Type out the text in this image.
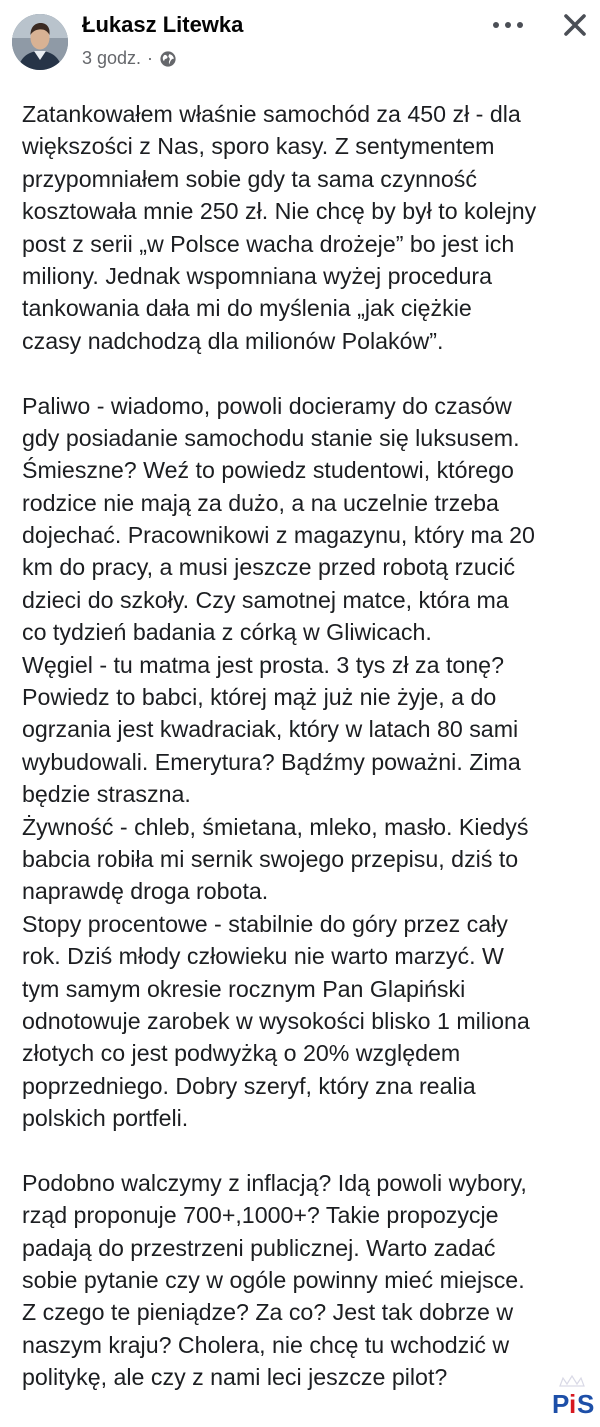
Łukasz Litewka
3 godz. ·
Zatankowałem właśnie samochód za 450 zł - dla
większości z Nas, sporo kasy. Z sentymentem
przypomniałem sobie gdy ta sama czynność
kosztowała mnie 250 zł. Nie chcę by był to kolejny
post z serii „w Polsce wacha drożeje” bo jest ich
miliony. Jednak wspomniana wyżej procedura
tankowania dała mi do myślenia „jak ciężkie
czasy nadchodzą dla milionów Polaków”.
Paliwo - wiadomo, powoli docieramy do czasów
gdy posiadanie samochodu stanie się luksusem.
Śmieszne? Weź to powiedz studentowi, którego
rodzice nie mają za dużo, a na uczelnie trzeba
dojechać. Pracownikowi z magazynu, który ma 20
km do pracy, a musi jeszcze przed robotą rzucić
dzieci do szkoły. Czy samotnej matce, która ma
co tydzień badania z córką w Gliwicach.
Węgiel - tu matma jest prosta. 3 tys zł za tonę?
Powiedz to babci, której mąż już nie żyje, a do
ogrzania jest kwadraciak, który w latach 80 sami
wybudowali. Emerytura? Bądźmy poważni. Zima
będzie straszna.
Żywność - chleb, śmietana, mleko, masło. Kiedyś
babcia robiła mi sernik swojego przepisu, dziś to
naprawdę droga robota.
Stopy procentowe - stabilnie do góry przez cały
rok. Dziś młody człowieku nie warto marzyć. W
tym samym okresie rocznym Pan Glapiński
odnotowuje zarobek w wysokości blisko 1 miliona
złotych co jest podwyżką o 20% względem
poprzedniego. Dobry szeryf, który zna realia
polskich portfeli.
Podobno walczymy z inflacją? Idą powoli wybory,
rząd proponuje 700+,1000+? Takie propozycje
padają do przestrzeni publicznej. Warto zadać
sobie pytanie czy w ogóle powinny mieć miejsce.
Z czego te pieniądze? Za co? Jest tak dobrze w
naszym kraju? Cholera, nie chcę tu wchodzić w
politykę, ale czy z nami leci jeszcze pilot?
P i S
